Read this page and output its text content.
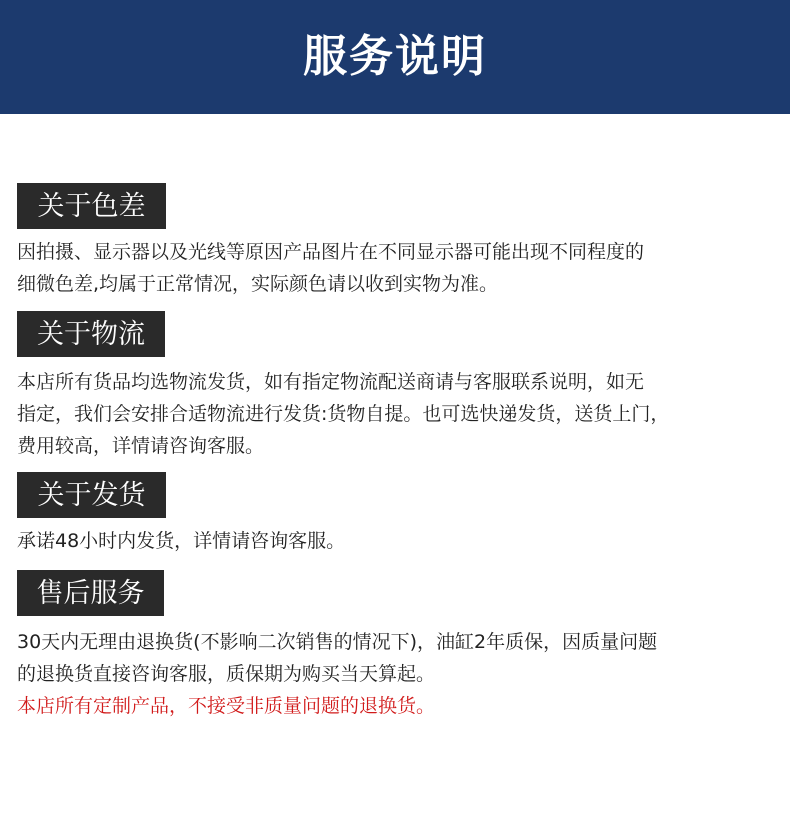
服务说明
关于色差
因拍摄、显示器以及光线等原因产品图片在不同显示器可能出现不同程度的
细微色差,均属于正常情况，实际颜色请以收到实物为准。
关于物流
本店所有货品均选物流发货，如有指定物流配送商请与客服联系说明，如无
指定，我们会安排合适物流进行发货:货物自提。也可选快递发货，送货上门，
费用较高，详情请咨询客服。
关于发货
承诺48小时内发货，详情请咨询客服。
售后服务
30天内无理由退换货(不影响二次销售的情况下)，油缸2年质保，因质量问题
的退换货直接咨询客服，质保期为购买当天算起。
本店所有定制产品，不接受非质量问题的退换货。
